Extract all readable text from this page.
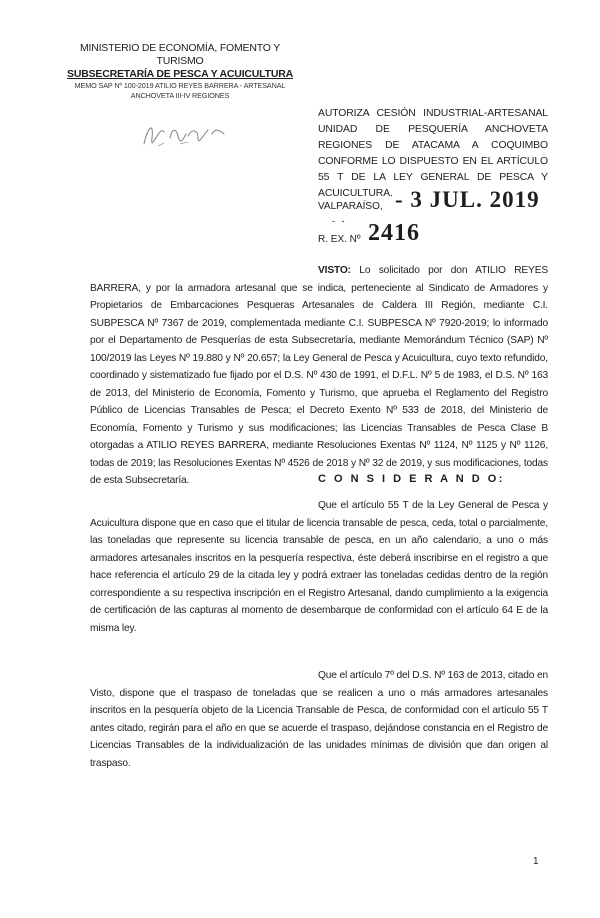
MINISTERIO DE ECONOMÍA, FOMENTO Y TURISMO
SUBSECRETARÍA DE PESCA Y ACUICULTURA
MEMO SAP Nº 100-2019 ATILIO REYES BARRERA - ARTESANAL
ANCHOVETA III-IV REGIONES
AUTORIZA CESIÓN INDUSTRIAL-ARTESANAL UNIDAD DE PESQUERÍA ANCHOVETA REGIONES DE ATACAMA A COQUIMBO CONFORME LO DISPUESTO EN EL ARTÍCULO 55 T DE LA LEY GENERAL DE PESCA Y ACUICULTURA.
VALPARAÍSO, - 3 JUL. 2019
‐ ‐
R. EX. Nº 2416

VISTO: Lo solicitado por don ATILIO REYES BARRERA, y por la armadora artesanal que se indica, perteneciente al Sindicato de Armadores y Propietarios de Embarcaciones Pesqueras Artesanales de Caldera III Región, mediante C.I. SUBPESCA Nº 7367 de 2019, complementada mediante C.I. SUBPESCA Nº 7920-2019; lo informado por el Departamento de Pesquerías de esta Subsecretaría, mediante Memorándum Técnico (SAP) Nº 100/2019 las Leyes Nº 19.880 y Nº 20.657; la Ley General de Pesca y Acuicultura, cuyo texto refundido, coordinado y sistematizado fue fijado por el D.S. Nº 430 de 1991, el D.F.L. Nº 5 de 1983, el D.S. Nº 163 de 2013, del Ministerio de Economía, Fomento y Turismo, que aprueba el Reglamento del Registro Público de Licencias Transables de Pesca; el Decreto Exento Nº 533 de 2018, del Ministerio de Economía, Fomento y Turismo y sus modificaciones; las Licencias Transables de Pesca Clase B otorgadas a ATILIO REYES BARRERA, mediante Resoluciones Exentas Nº 1124, Nº 1125 y Nº 1126, todas de 2019; las Resoluciones Exentas Nº 4526 de 2018 y Nº 32 de 2019, y sus modificaciones, todas de esta Subsecretaría.	C O N S I D E R A N D O:

Que el artículo 55 T de la Ley General de Pesca y Acuicultura dispone que en caso que el titular de licencia transable de pesca, ceda, total o parcialmente, las toneladas que represente su licencia transable de pesca, en un año calendario, a uno o más armadores artesanales inscritos en la pesquería respectiva, éste deberá inscribirse en el registro a que hace referencia el artículo 29 de la citada ley y podrá extraer las toneladas cedidas dentro de la región correspondiente a su respectiva inscripción en el Registro Artesanal, dando cumplimiento a la exigencia de certificación de las capturas al momento de desembarque de conformidad con el artículo 64 E de la misma ley.

Que el artículo 7º del D.S. Nº 163 de 2013, citado en Visto, dispone que el traspaso de toneladas que se realicen a uno o más armadores artesanales inscritos en la pesquería objeto de la Licencia Transable de Pesca, de conformidad con el artículo 55 T antes citado, regirán para el año en que se acuerde el traspaso, dejándose constancia en el Registro de Licencias Transables de la individualización de las unidades mínimas de división que dan origen al traspaso.

1
